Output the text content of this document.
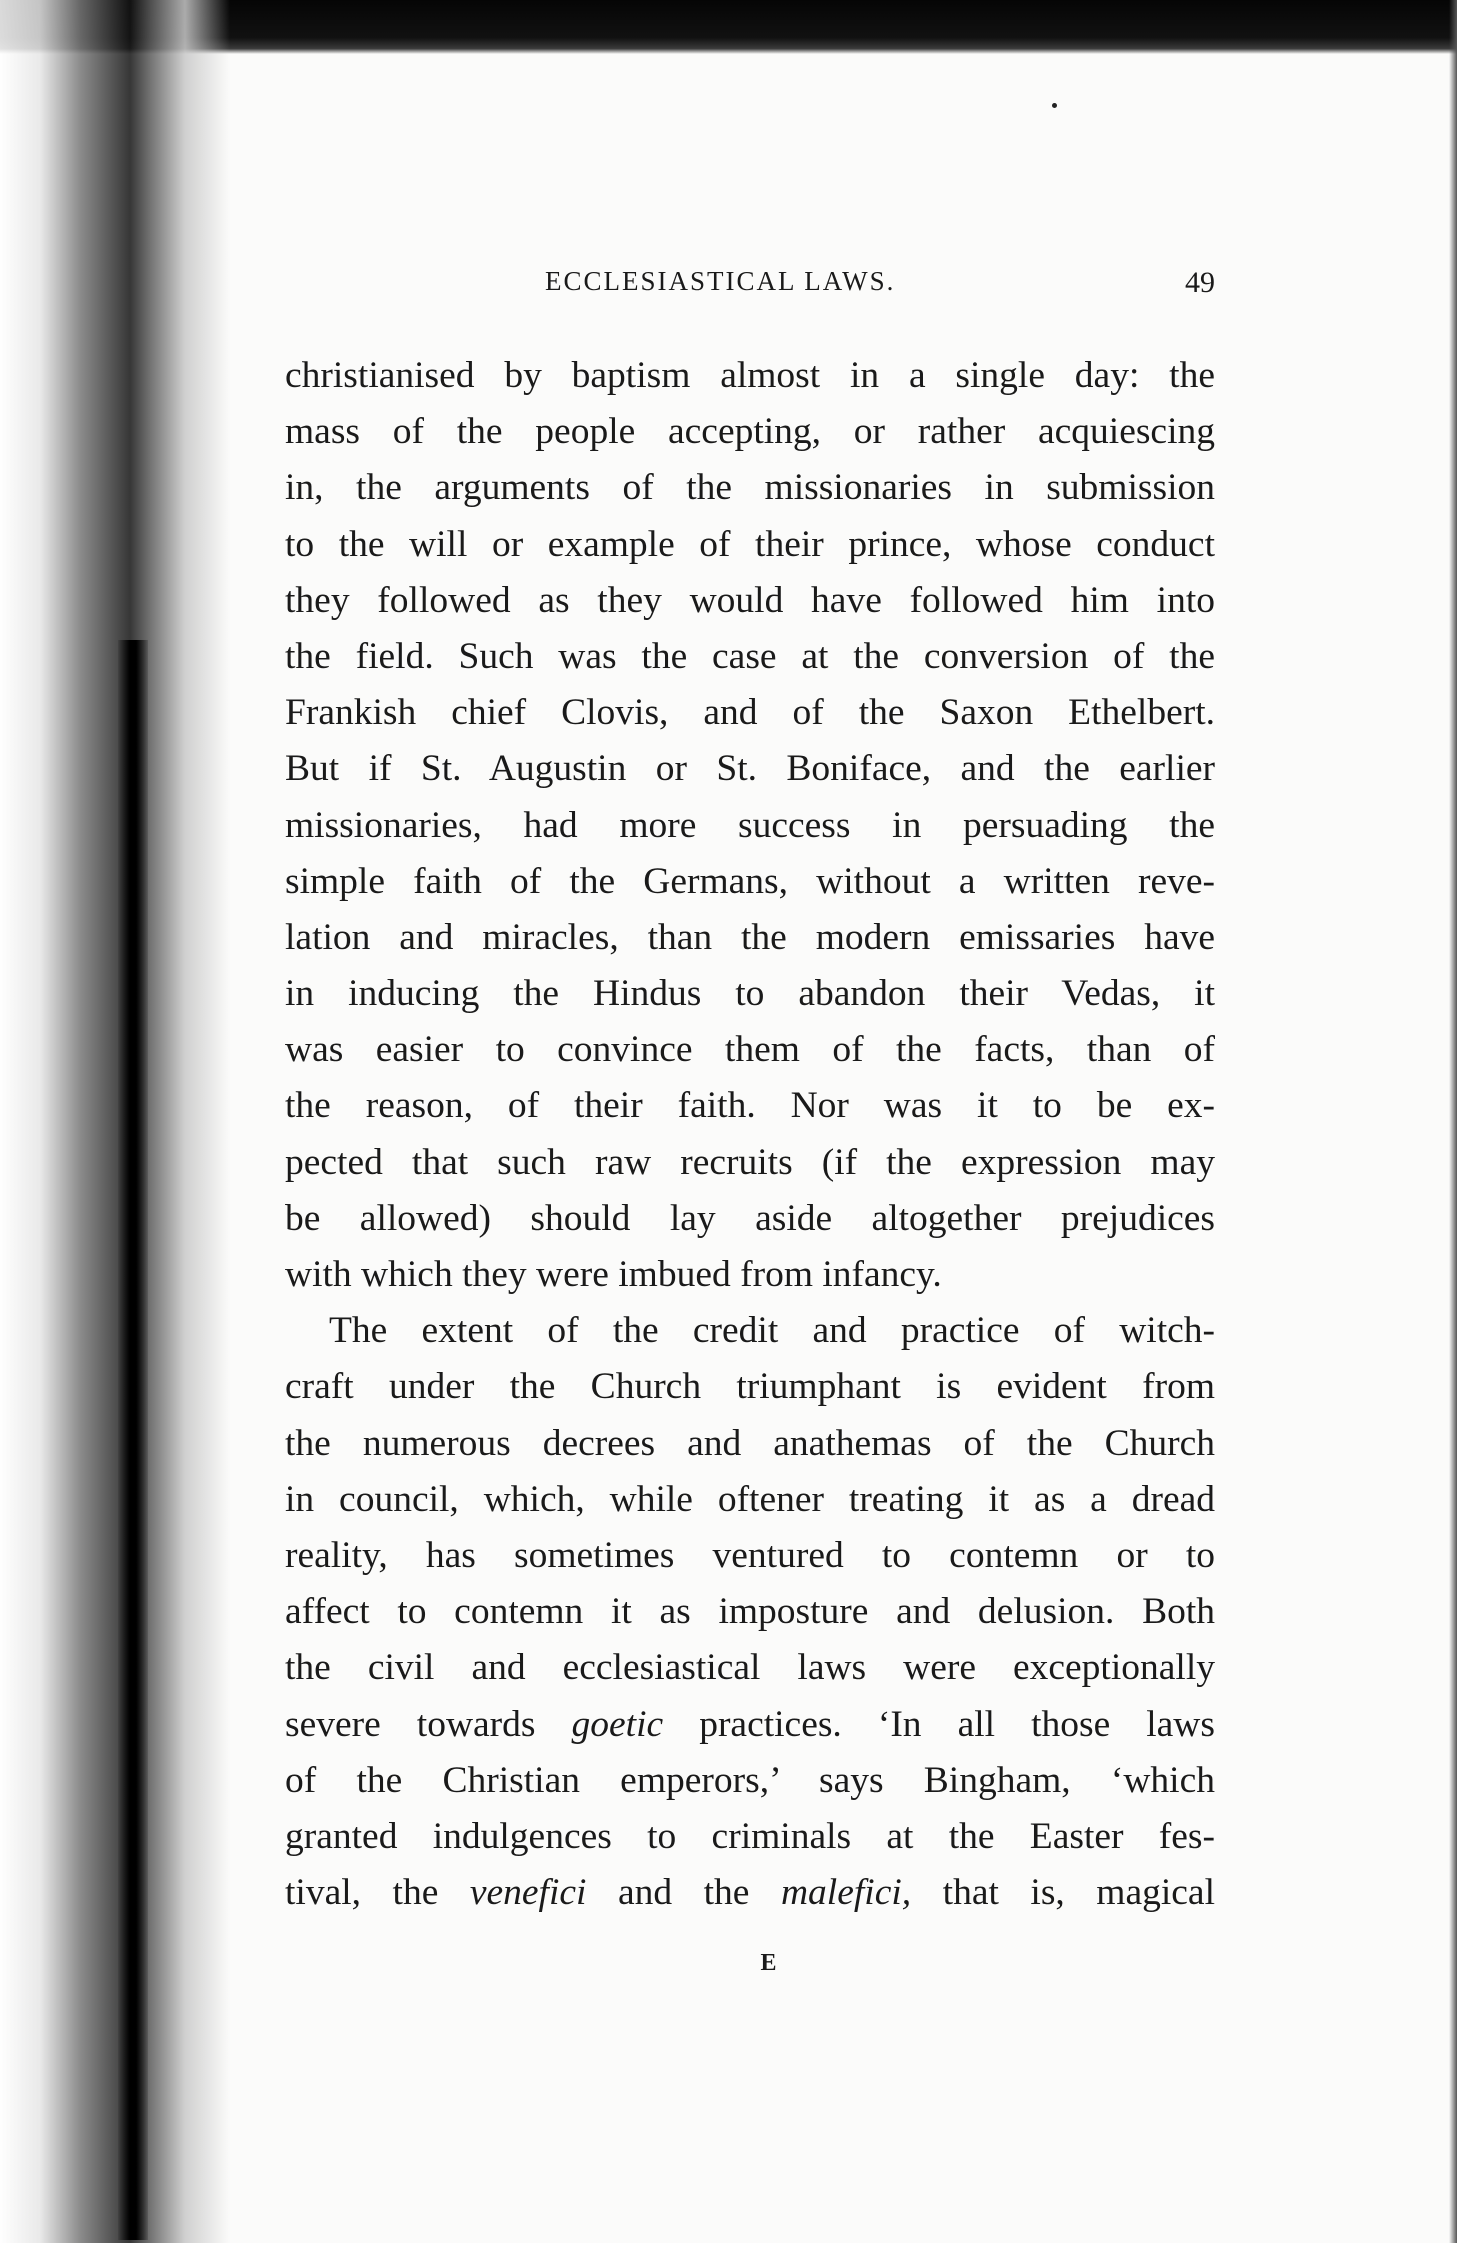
ECCLESIASTICAL LAWS.	49
christianised by baptism almost in a single day: the
mass of the people accepting, or rather acquiescing
in, the arguments of the missionaries in submission
to the will or example of their prince, whose conduct
they followed as they would have followed him into
the field. Such was the case at the conversion of the
Frankish chief Clovis, and of the Saxon Ethelbert.
But if St. Augustin or St. Boniface, and the earlier
missionaries, had more success in persuading the
simple faith of the Germans, without a written reve-
lation and miracles, than the modern emissaries have
in inducing the Hindus to abandon their Vedas, it
was easier to convince them of the facts, than of
the reason, of their faith. Nor was it to be ex-
pected that such raw recruits (if the expression may
be allowed) should lay aside altogether prejudices
with which they were imbued from infancy.
The extent of the credit and practice of witch-
craft under the Church triumphant is evident from
the numerous decrees and anathemas of the Church
in council, which, while oftener treating it as a dread
reality, has sometimes ventured to contemn or to
affect to contemn it as imposture and delusion. Both
the civil and ecclesiastical laws were exceptionally
severe towards goetic practices. ‘In all those laws
of the Christian emperors,’ says Bingham, ‘which
granted indulgences to criminals at the Easter fes-
tival, the venefici and the malefici, that is, magical
E
